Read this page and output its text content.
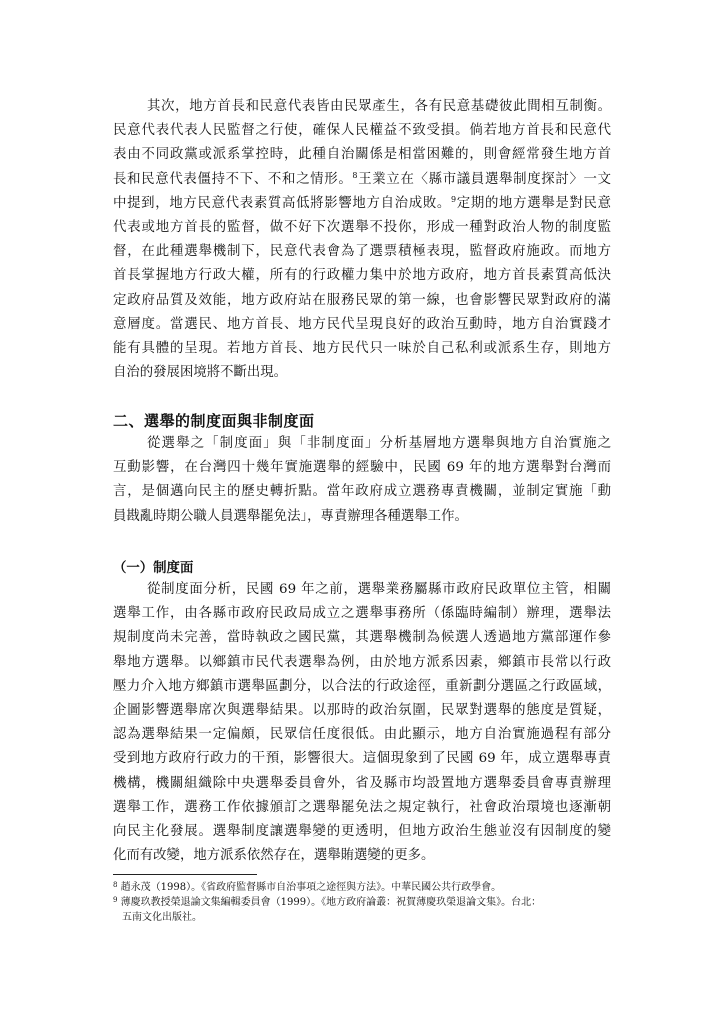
其次，地方首長和民意代表皆由民眾產生，各有民意基礎彼此間相互制衡。
民意代表代表人民監督之行使，確保人民權益不致受損。倘若地方首長和民意代
表由不同政黨或派系掌控時，此種自治關係是相當困難的，則會經常發生地方首
長和民意代表僵持不下、不和之情形。$^8$王業立在〈縣市議員選舉制度探討〉一文
中提到，地方民意代表素質高低將影響地方自治成敗。$^9$定期的地方選舉是對民意
代表或地方首長的監督，做不好下次選舉不投你，形成一種對政治人物的制度監
督，在此種選舉機制下，民意代表會為了選票積極表現，監督政府施政。而地方
首長掌握地方行政大權，所有的行政權力集中於地方政府，地方首長素質高低決
定政府品質及效能，地方政府站在服務民眾的第一線，也會影響民眾對政府的滿
意層度。當選民、地方首長、地方民代呈現良好的政治互動時，地方自治實踐才
能有具體的呈現。若地方首長、地方民代只一味於自己私利或派系生存，則地方
自治的發展困境將不斷出現。
二、選舉的制度面與非制度面
從選舉之「制度面」與「非制度面」分析基層地方選舉與地方自治實施之
互動影響，在台灣四十幾年實施選舉的經驗中，民國 69 年的地方選舉對台灣而
言，是個邁向民主的歷史轉折點。當年政府成立選務專責機關，並制定實施「動
員戡亂時期公職人員選舉罷免法」，專責辦理各種選舉工作。
（一）制度面
從制度面分析，民國 69 年之前，選舉業務屬縣市政府民政單位主管，相關
選舉工作，由各縣市政府民政局成立之選舉事務所（係臨時編制）辦理，選舉法
規制度尚未完善，當時執政之國民黨，其選舉機制為候選人透過地方黨部運作參
舉地方選舉。以鄉鎮市民代表選舉為例，由於地方派系因素，鄉鎮市長常以行政
壓力介入地方鄉鎮市選舉區劃分，以合法的行政途徑，重新劃分選區之行政區域，
企圖影響選舉席次與選舉結果。以那時的政治氛圍，民眾對選舉的態度是質疑，
認為選舉結果一定偏頗，民眾信任度很低。由此顯示，地方自治實施過程有部分
受到地方政府行政力的干預，影響很大。這個現象到了民國 69 年，成立選舉專責
機構，機關組織除中央選舉委員會外，省及縣市均設置地方選舉委員會專責辦理
選舉工作，選務工作依據頒訂之選舉罷免法之規定執行，社會政治環境也逐漸朝
向民主化發展。選舉制度讓選舉變的更透明，但地方政治生態並沒有因制度的變
化而有改變，地方派系依然存在，選舉賄選變的更多。
$^8$ 趙永茂（1998）。《省政府監督縣市自治事項之途徑與方法》。中華民國公共行政學會。
$^9$ 薄慶玖教授榮退論文集編輯委員會（1999）。《地方政府論叢：祝賀薄慶玖榮退論文集》。台北：
五南文化出版社。
